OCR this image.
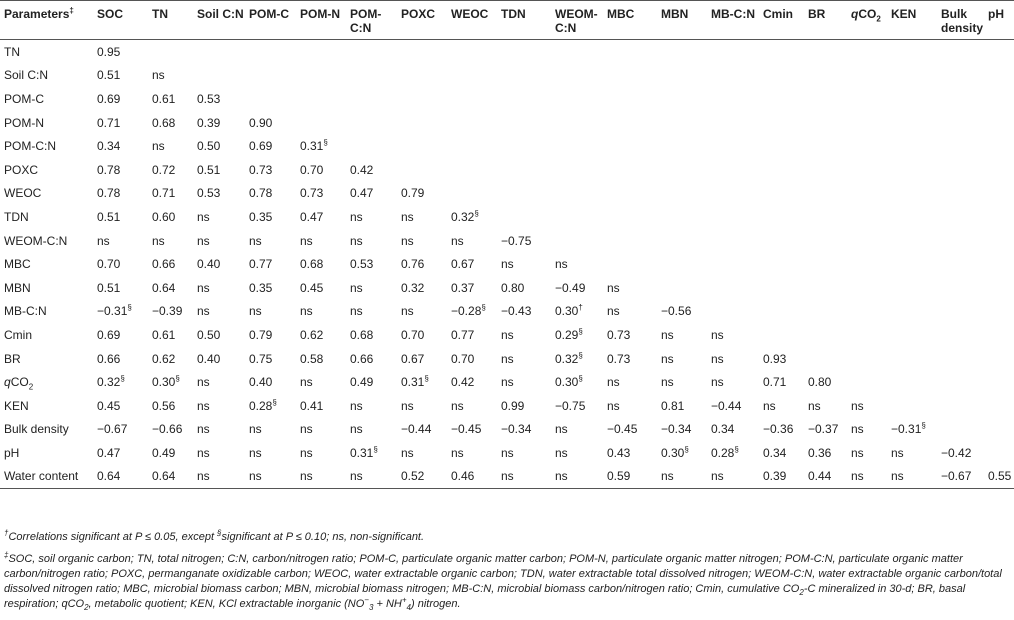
Parameters‡	SOC	TN	Soil C:N	POM-C	POM-N	POM-C:N	POXC	WEOC	TDN	WEOM-C:N	MBC	MBN	MB-C:N	Cmin	BR	qCO$_2$	KEN	Bulk density	pH
TN	0.95																		
Soil C:N	0.51	ns																	
POM-C	0.69	0.61	0.53																
POM-N	0.71	0.68	0.39	0.90															
POM-C:N	0.34	ns	0.50	0.69	0.31§														
POXC	0.78	0.72	0.51	0.73	0.70	0.42													
WEOC	0.78	0.71	0.53	0.78	0.73	0.47	0.79												
TDN	0.51	0.60	ns	0.35	0.47	ns	ns	0.32§											
WEOM-C:N	ns	ns	ns	ns	ns	ns	ns	ns	−0.75										
MBC	0.70	0.66	0.40	0.77	0.68	0.53	0.76	0.67	ns	ns									
MBN	0.51	0.64	ns	0.35	0.45	ns	0.32	0.37	0.80	−0.49	ns								
MB-C:N	−0.31§	−0.39	ns	ns	ns	ns	ns	−0.28§	−0.43	0.30†	ns	−0.56							
Cmin	0.69	0.61	0.50	0.79	0.62	0.68	0.70	0.77	ns	0.29§	0.73	ns	ns						
BR	0.66	0.62	0.40	0.75	0.58	0.66	0.67	0.70	ns	0.32§	0.73	ns	ns	0.93					
qCO$_2$	0.32§	0.30§	ns	0.40	ns	0.49	0.31§	0.42	ns	0.30§	ns	ns	ns	0.71	0.80				
KEN	0.45	0.56	ns	0.28§	0.41	ns	ns	ns	0.99	−0.75	ns	0.81	−0.44	ns	ns	ns			
Bulk density	−0.67	−0.66	ns	ns	ns	ns	−0.44	−0.45	−0.34	ns	−0.45	−0.34	0.34	−0.36	−0.37	ns	−0.31§		
pH	0.47	0.49	ns	ns	ns	0.31§	ns	ns	ns	ns	0.43	0.30§	0.28§	0.34	0.36	ns	ns	−0.42	
Water content	0.64	0.64	ns	ns	ns	ns	0.52	0.46	ns	ns	0.59	ns	ns	0.39	0.44	ns	ns	−0.67	0.55

†Correlations significant at P ≤ 0.05, except §significant at P ≤ 0.10; ns, non-significant.

‡SOC, soil organic carbon; TN, total nitrogen; C:N, carbon/nitrogen ratio; POM-C, particulate organic matter carbon; POM-N, particulate organic matter nitrogen; POM-C:N, particulate organic matter carbon/nitrogen ratio; POXC, permanganate oxidizable carbon; WEOC, water extractable organic carbon; TDN, water extractable total dissolved nitrogen; WEOM-C:N, water extractable organic carbon/total dissolved nitrogen ratio; MBC, microbial biomass carbon; MBN, microbial biomass nitrogen; MB-C:N, microbial biomass carbon/nitrogen ratio; Cmin, cumulative $CO_2-C$ mineralized in 30-d; BR, basal respiration; qCO$_2$, metabolic quotient; KEN, KCl extractable inorganic $(NO^-_3 + NH^+_4)$ nitrogen.
